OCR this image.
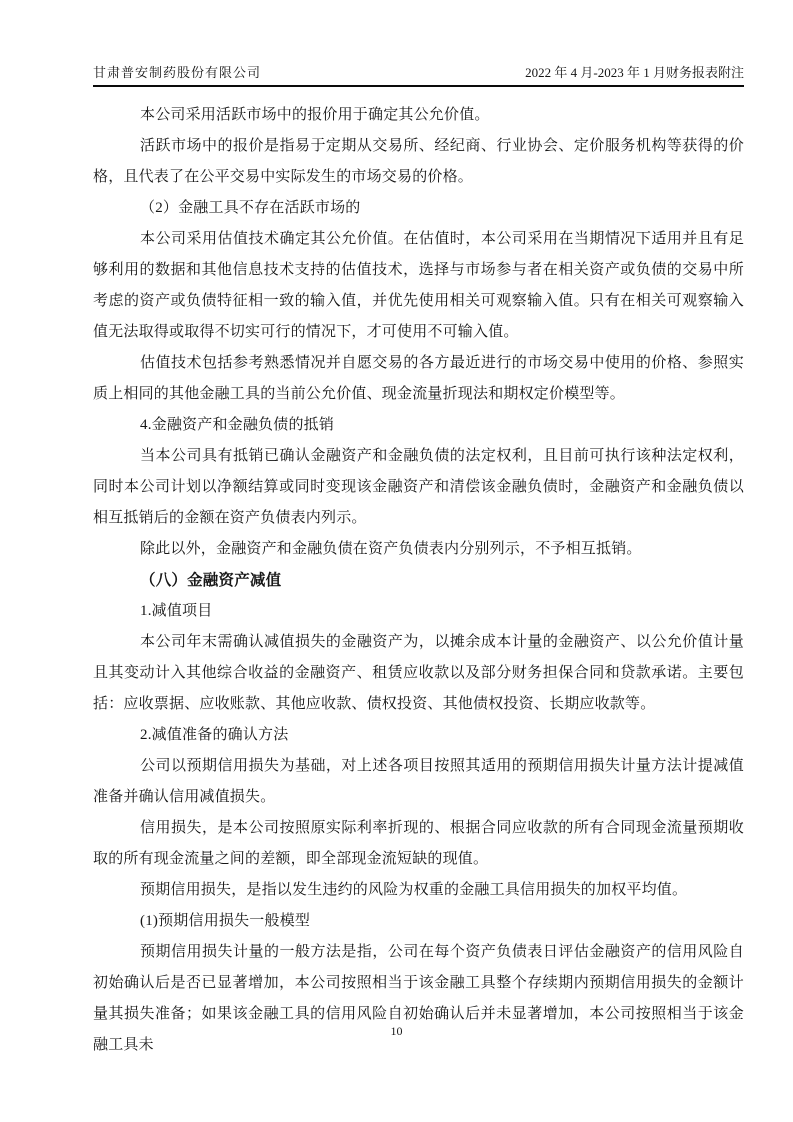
甘肃普安制药股份有限公司	2022 年 4 月-2023 年 1 月财务报表附注

本公司采用活跃市场中的报价用于确定其公允价值。

活跃市场中的报价是指易于定期从交易所、经纪商、行业协会、定价服务机构等获得的价格，且代表了在公平交易中实际发生的市场交易的价格。

（2）金融工具不存在活跃市场的

本公司采用估值技术确定其公允价值。在估值时，本公司采用在当期情况下适用并且有足够利用的数据和其他信息技术支持的估值技术，选择与市场参与者在相关资产或负债的交易中所考虑的资产或负债特征相一致的输入值，并优先使用相关可观察输入值。只有在相关可观察输入值无法取得或取得不切实可行的情况下，才可使用不可输入值。

估值技术包括参考熟悉情况并自愿交易的各方最近进行的市场交易中使用的价格、参照实质上相同的其他金融工具的当前公允价值、现金流量折现法和期权定价模型等。

4.金融资产和金融负债的抵销

当本公司具有抵销已确认金融资产和金融负债的法定权利，且目前可执行该种法定权利，同时本公司计划以净额结算或同时变现该金融资产和清偿该金融负债时，金融资产和金融负债以相互抵销后的金额在资产负债表内列示。

除此以外，金融资产和金融负债在资产负债表内分别列示，不予相互抵销。

（八）金融资产减值

1.减值项目

本公司年末需确认减值损失的金融资产为，以摊余成本计量的金融资产、以公允价值计量且其变动计入其他综合收益的金融资产、租赁应收款以及部分财务担保合同和贷款承诺。主要包括：应收票据、应收账款、其他应收款、债权投资、其他债权投资、长期应收款等。

2.减值准备的确认方法

公司以预期信用损失为基础，对上述各项目按照其适用的预期信用损失计量方法计提减值准备并确认信用减值损失。

信用损失，是本公司按照原实际利率折现的、根据合同应收款的所有合同现金流量预期收取的所有现金流量之间的差额，即全部现金流短缺的现值。

预期信用损失，是指以发生违约的风险为权重的金融工具信用损失的加权平均值。

(1)预期信用损失一般模型

预期信用损失计量的一般方法是指，公司在每个资产负债表日评估金融资产的信用风险自初始确认后是否已显著增加，本公司按照相当于该金融工具整个存续期内预期信用损失的金额计量其损失准备；如果该金融工具的信用风险自初始确认后并未显著增加，本公司按照相当于该金融工具未

10
